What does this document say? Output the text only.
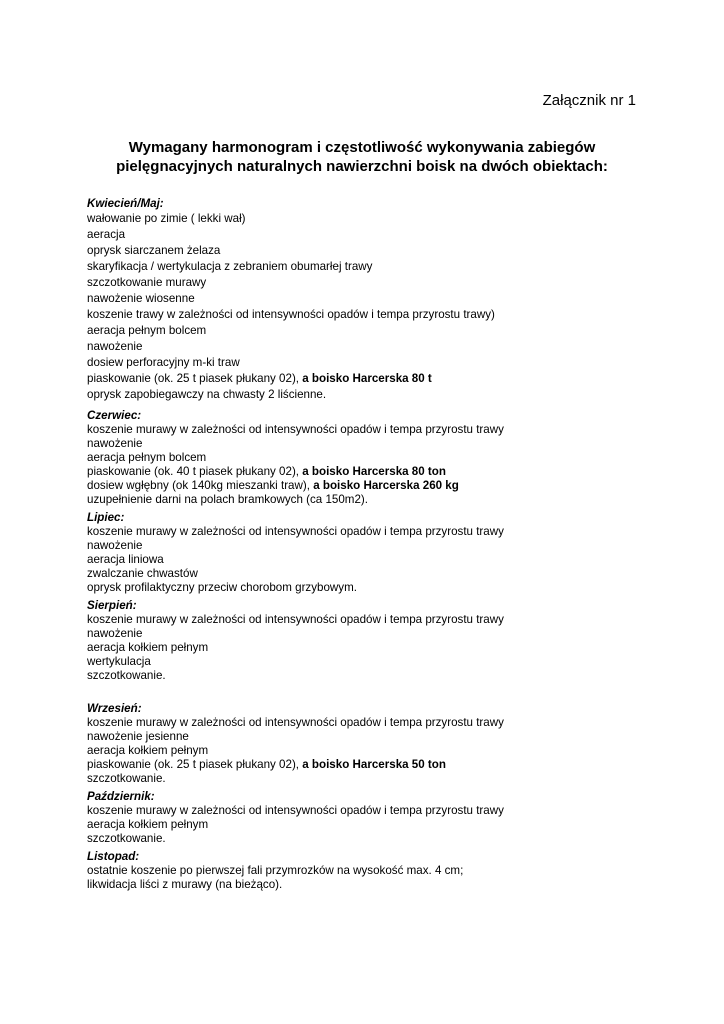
Załącznik nr 1
Wymagany harmonogram i częstotliwość wykonywania zabiegów
pielęgnacyjnych naturalnych nawierzchni boisk na dwóch obiektach:
Kwiecień/Maj:
wałowanie po zimie ( lekki wał)
aeracja
oprysk siarczanem żelaza
skaryfikacja / wertykulacja z zebraniem obumarłej trawy
szczotkowanie murawy
nawożenie wiosenne
koszenie trawy w zależności od intensywności opadów i tempa przyrostu trawy)
aeracja pełnym bolcem
nawożenie
dosiew perforacyjny m-ki traw
piaskowanie (ok. 25 t piasek płukany 02), a boisko Harcerska 80 t
oprysk zapobiegawczy na chwasty 2 liścienne.
Czerwiec:
koszenie murawy w zależności od intensywności opadów i tempa przyrostu trawy
nawożenie
aeracja pełnym bolcem
piaskowanie (ok. 40 t piasek płukany 02), a boisko Harcerska 80 ton
dosiew wgłębny (ok 140kg mieszanki traw), a boisko Harcerska 260 kg
uzupełnienie darni na polach bramkowych (ca 150m2).
Lipiec:
koszenie murawy w zależności od intensywności opadów i tempa przyrostu trawy
nawożenie
aeracja liniowa
zwalczanie chwastów
oprysk profilaktyczny przeciw chorobom grzybowym.
Sierpień:
koszenie murawy w zależności od intensywności opadów i tempa przyrostu trawy
nawożenie
aeracja kołkiem pełnym
wertykulacja
szczotkowanie.
Wrzesień:
koszenie murawy w zależności od intensywności opadów i tempa przyrostu trawy
nawożenie jesienne
aeracja kołkiem pełnym
piaskowanie (ok. 25 t piasek płukany 02), a boisko Harcerska 50 ton
szczotkowanie.
Październik:
koszenie murawy w zależności od intensywności opadów i tempa przyrostu trawy
aeracja kołkiem pełnym
szczotkowanie.
Listopad:
ostatnie koszenie po pierwszej fali przymrozków na wysokość max. 4 cm;
likwidacja liści z murawy (na bieżąco).
